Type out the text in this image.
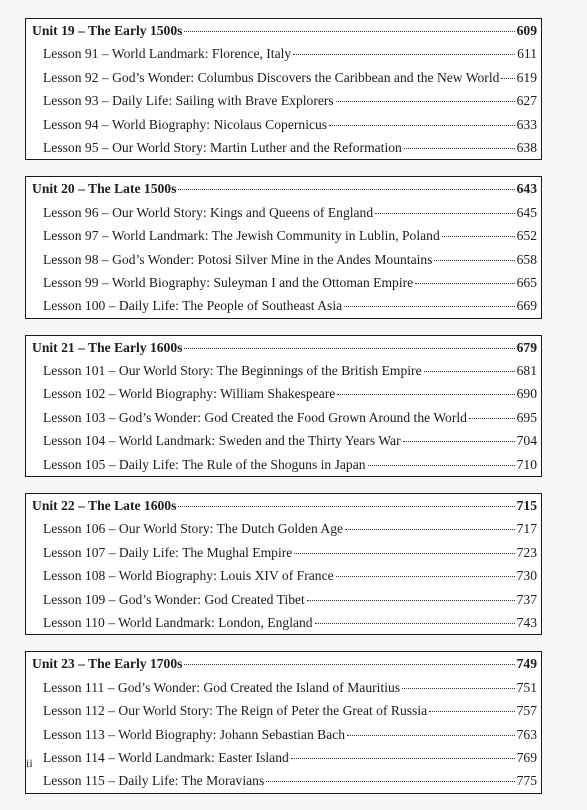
Unit 19 – The Early 1500s	609
Lesson 91 – World Landmark: Florence, Italy	611
Lesson 92 – God’s Wonder: Columbus Discovers the Caribbean and the New World 619
Lesson 93 – Daily Life: Sailing with Brave Explorers	627
Lesson 94 – World Biography: Nicolaus Copernicus	633
Lesson 95 – Our World Story: Martin Luther and the Reformation	638
Unit 20 – The Late 1500s	643
Lesson 96 – Our World Story: Kings and Queens of England	645
Lesson 97 – World Landmark: The Jewish Community in Lublin, Poland	652
Lesson 98 – God’s Wonder: Potosi Silver Mine in the Andes Mountains	658
Lesson 99 – World Biography: Suleyman I and the Ottoman Empire	665
Lesson 100 – Daily Life: The People of Southeast Asia	669
Unit 21 – The Early 1600s	679
Lesson 101 – Our World Story: The Beginnings of the British Empire	681
Lesson 102 – World Biography: William Shakespeare	690
Lesson 103 – God’s Wonder: God Created the Food Grown Around the World	695
Lesson 104 – World Landmark: Sweden and the Thirty Years War	704
Lesson 105 – Daily Life: The Rule of the Shoguns in Japan	710
Unit 22 – The Late 1600s	715
Lesson 106 – Our World Story: The Dutch Golden Age	717
Lesson 107 – Daily Life: The Mughal Empire	723
Lesson 108 – World Biography: Louis XIV of France	730
Lesson 109 – God’s Wonder: God Created Tibet	737
Lesson 110 – World Landmark: London, England	743
Unit 23 – The Early 1700s	749
Lesson 111 – God’s Wonder: God Created the Island of Mauritius	751
Lesson 112 – Our World Story: The Reign of Peter the Great of Russia	757
Lesson 113 – World Biography: Johann Sebastian Bach	763
Lesson 114 – World Landmark: Easter Island	769
Lesson 115 – Daily Life: The Moravians	775
ii
